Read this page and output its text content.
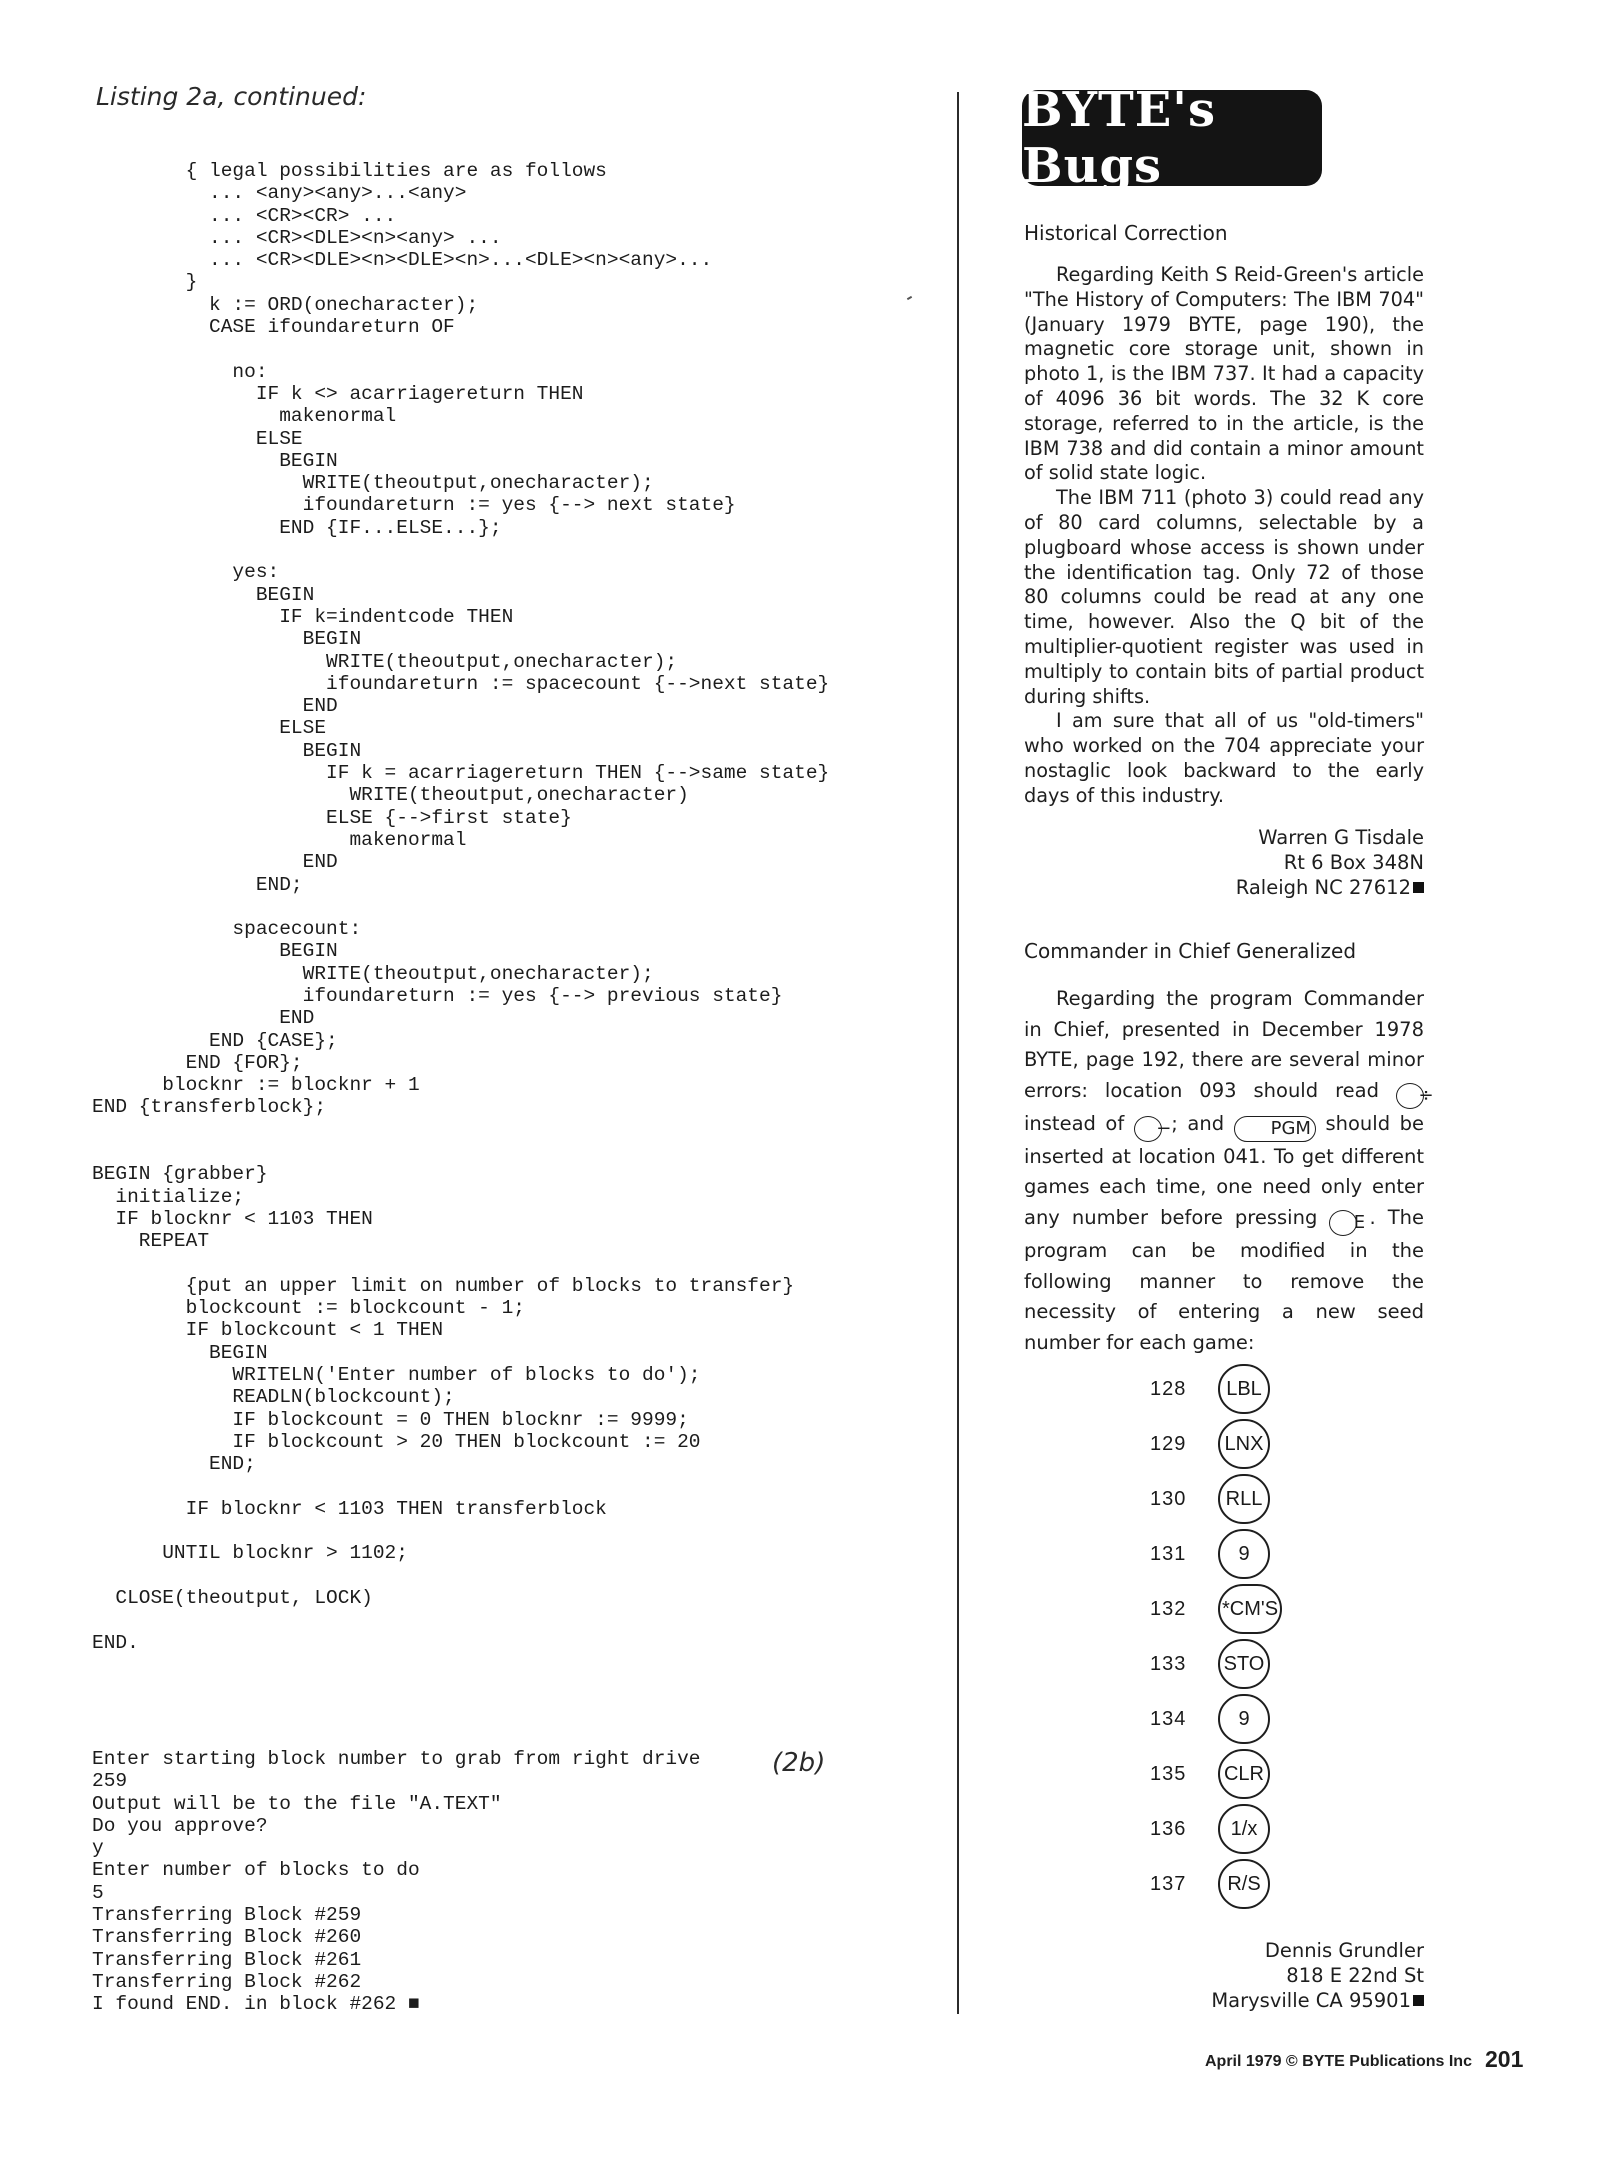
Listing 2a, continued:
{ legal possibilities are as follows
... <any><any>...<any>
... <CR><CR> ...
... <CR><DLE><n><any> ...
... <CR><DLE><n><DLE><n>...<DLE><n><any>...
}
k := ORD(onecharacter);
CASE ifoundareturn OF

no:
IF k <> acarriagereturn THEN
makenormal
ELSE
BEGIN
WRITE(theoutput,onecharacter);
ifoundareturn := yes {--> next state}
END {IF...ELSE...};

yes:
BEGIN
IF k=indentcode THEN
BEGIN
WRITE(theoutput,onecharacter);
ifoundareturn := spacecount {-->next state}
END
ELSE
BEGIN
IF k = acarriagereturn THEN {-->same state}
WRITE(theoutput,onecharacter)
ELSE {-->first state}
makenormal
END
END;

spacecount:
BEGIN
WRITE(theoutput,onecharacter);
ifoundareturn := yes {--> previous state}
END
END {CASE};
END {FOR};
blocknr := blocknr + 1
END {transferblock};

BEGIN {grabber}
initialize;
IF blocknr < 1103 THEN
REPEAT

{put an upper limit on number of blocks to transfer}
blockcount := blockcount - 1;
IF blockcount < 1 THEN
BEGIN
WRITELN('Enter number of blocks to do');
READLN(blockcount);
IF blockcount = 0 THEN blocknr := 9999;
IF blockcount > 20 THEN blockcount := 20
END;

IF blocknr < 1103 THEN transferblock

UNTIL blocknr > 1102;

CLOSE(theoutput, LOCK)

END.
Enter starting block number to grab from right drive
259
Output will be to the file "A.TEXT"
Do you approve?
y
Enter number of blocks to do
5
Transferring Block #259
Transferring Block #260
Transferring Block #261
Transferring Block #262
I found END. in block #262 ■
(2b)
BYTE's Bugs
Historical Correction

Regarding Keith S Reid-Green's article "The History of Computers: The IBM 704" (January 1979 BYTE, page 190), the magnetic core storage unit, shown in photo 1, is the IBM 737. It had a capacity of 4096 36 bit words. The 32 K core storage, referred to in the article, is the IBM 738 and did contain a minor amount of solid state logic.

The IBM 711 (photo 3) could read any of 80 card columns, selectable by a plugboard whose access is shown under the identification tag. Only 72 of those 80 columns could be read at any one time, however. Also the Q bit of the multiplier-quotient register was used in multiply to contain bits of partial product during shifts.

I am sure that all of us "old-timers" who worked on the 704 appreciate your nostaglic look backward to the early days of this industry.

Warren G Tisdale
Rt 6 Box 348N
Raleigh NC 27612
Commander in Chief Generalized

Regarding the program Commander in Chief, presented in December 1978 BYTE, page 192, there are several minor errors: location 093 should read ÷ instead of − ; and	PGM should be inserted at location 041. To get different games each time, one need only enter any number before pressing E . The program can be modified in the following manner to remove the necessity of entering a new seed number for each game:

128	LBL
129	LNX
130	RLL
131	9
132	*CM'S
133	STO
134	9
135	CLR
136	1/x
137	R/S
Dennis Grundler
818 E 22nd St
Marysville CA 95901
April 1979 © BYTE Publications Inc 201
